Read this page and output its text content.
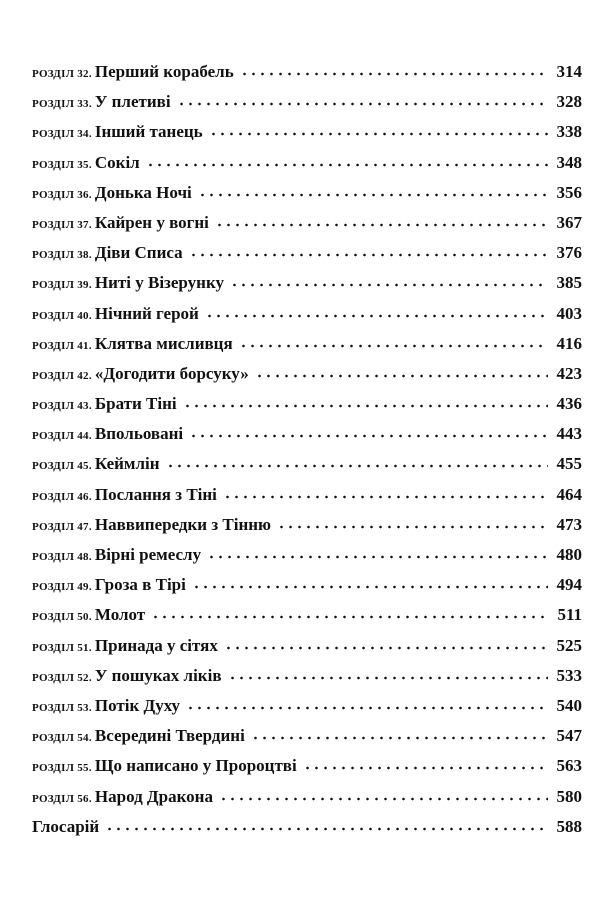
РОЗДІЛ 32. Перший корабель	314
РОЗДІЛ 33. У плетиві	328
РОЗДІЛ 34. Інший танець	338
РОЗДІЛ 35. Сокіл	348
РОЗДІЛ 36. Донька Ночі	356
РОЗДІЛ 37. Кайрен у вогні	367
РОЗДІЛ 38. Діви Списа	376
РОЗДІЛ 39. Ниті у Візерунку	385
РОЗДІЛ 40. Нічний герой	403
РОЗДІЛ 41. Клятва мисливця	416
РОЗДІЛ 42. «Догодити борсуку»	423
РОЗДІЛ 43. Брати Тіні	436
РОЗДІЛ 44. Впольовані	443
РОЗДІЛ 45. Кеймлін	455
РОЗДІЛ 46. Послання з Тіні	464
РОЗДІЛ 47. Наввипередки з Тінню	473
РОЗДІЛ 48. Вірні ремеслу	480
РОЗДІЛ 49. Гроза в Тірі	494
РОЗДІЛ 50. Молот	511
РОЗДІЛ 51. Принада у сітях	525
РОЗДІЛ 52. У пошуках ліків	533
РОЗДІЛ 53. Потік Духу	540
РОЗДІЛ 54. Всередині Твердині	547
РОЗДІЛ 55. Що написано у Пророцтві	563
РОЗДІЛ 56. Народ Дракона	580
Глосарій	588
